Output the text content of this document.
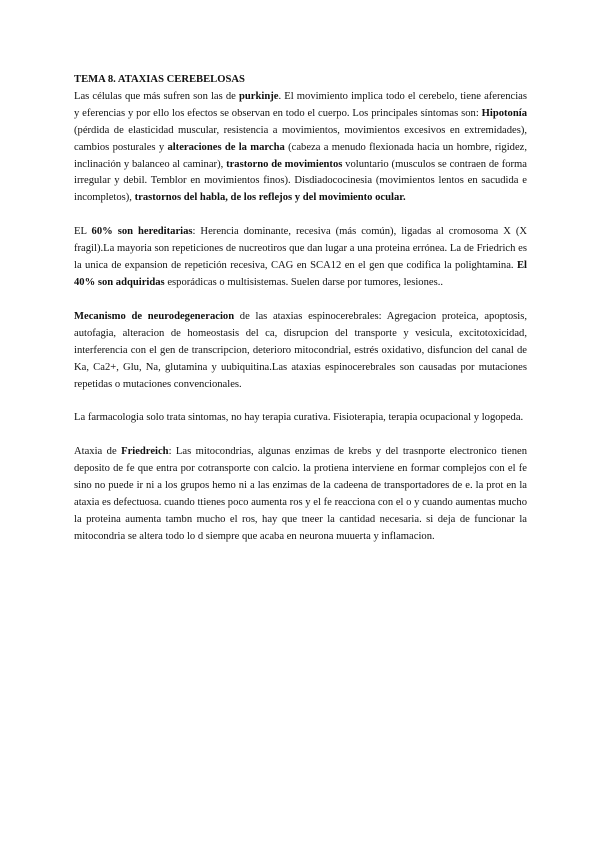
TEMA 8. ATAXIAS CEREBELOSAS

Las células que más sufren son las de purkinje. El movimiento implica todo el cerebelo, tiene aferencias y eferencias y por ello los efectos se observan en todo el cuerpo. Los principales síntomas son: Hipotonía (pérdida de elasticidad muscular, resistencia a movimientos, movimientos excesivos en extremidades), cambios posturales y alteraciones de la marcha (cabeza a menudo flexionada hacia un hombre, rigidez, inclinación y balanceo al caminar), trastorno de movimientos voluntario (musculos se contraen de forma irregular y debil. Temblor en movimientos finos). Disdiadococinesia (movimientos lentos en sacudida e incompletos), trastornos del habla, de los reflejos y del movimiento ocular.

EL 60% son hereditarias: Herencia dominante, recesiva (más común), ligadas al cromosoma X (X fragil).La mayoria son repeticiones de nucreotiros que dan lugar a una proteina errónea. La de Friedrich es la unica de expansion de repetición recesiva, CAG en SCA12 en el gen que codifica la polightamina. El 40% son adquiridas esporádicas o multisistemas. Suelen darse por tumores, lesiones..

Mecanismo de neurodegeneracion de las ataxias espinocerebrales: Agregacion proteica, apoptosis, autofagia, alteracion de homeostasis del ca, disrupcion del transporte y vesicula, excitotoxicidad, interferencia con el gen de transcripcion, deterioro mitocondrial, estrés oxidativo, disfuncion del canal de Ka, Ca2+, Glu, Na, glutamina y uubiquitina.Las ataxias espinocerebrales son causadas por mutaciones repetidas o mutaciones convencionales.

La farmacologia solo trata sintomas, no hay terapia curativa. Fisioterapia, terapia ocupacional y logopeda.

Ataxia de Friedreich: Las mitocondrias, algunas enzimas de krebs y del trasnporte electronico tienen deposito de fe que entra por cotransporte con calcio. la protiena interviene en formar complejos con el fe sino no puede ir ni a los grupos hemo ni a las enzimas de la cadeena de transportadores de e. la prot en la ataxia es defectuosa. cuando ttienes poco aumenta ros y el fe reacciona con el o y cuando aumentas mucho la proteina aumenta tambn mucho el ros, hay que tneer la cantidad necesaria. si deja de funcionar la mitocondria se altera todo lo d siempre que acaba en neurona muuerta y inflamacion.
